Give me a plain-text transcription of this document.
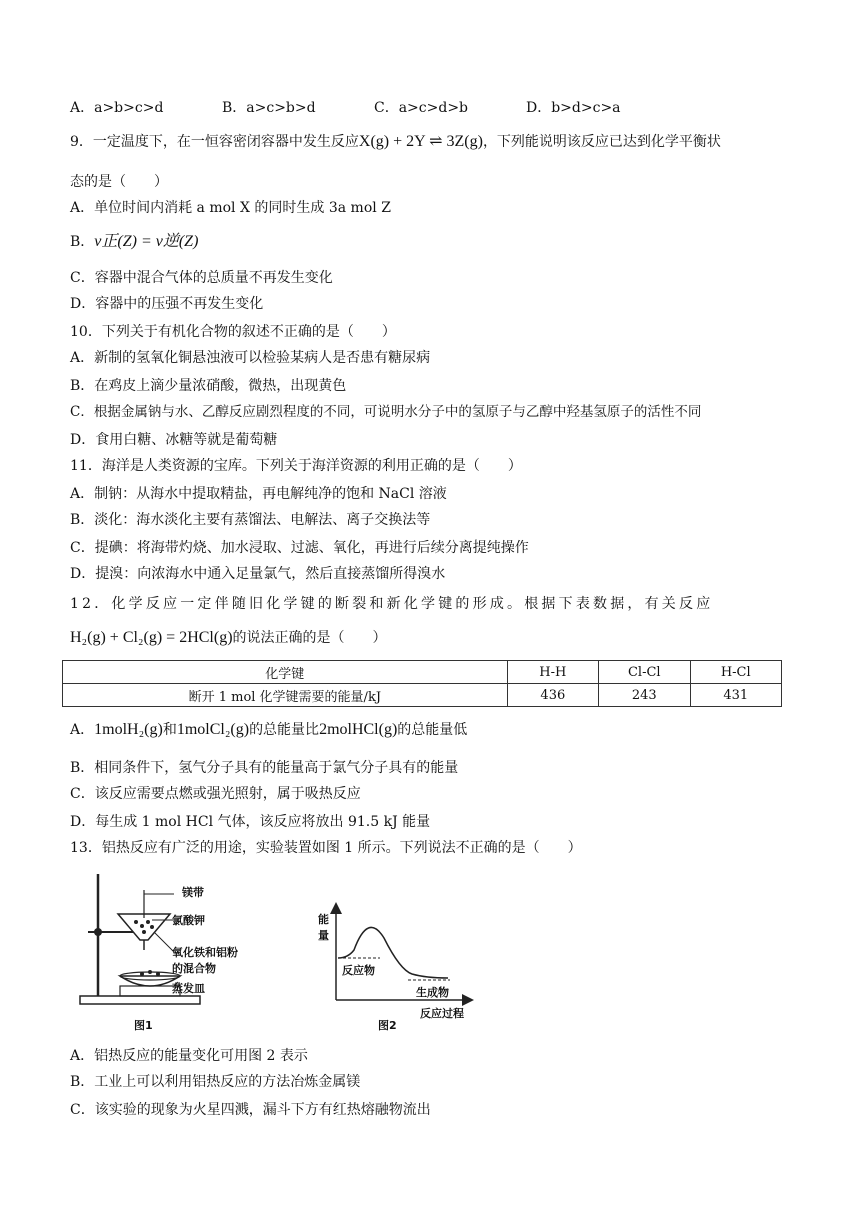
A．a>b>c>d	B．a>c>b>d	C．a>c>d>b	D．b>d>c>a
9．一定温度下，在一恒容密闭容器中发生反应X(g) + 2Y ⇌ 3Z(g)，下列能说明该反应已达到化学平衡状
态的是（　　）
A．单位时间内消耗 a mol X 的同时生成 3a mol Z
B．v正(Z) = v逆(Z)
C．容器中混合气体的总质量不再发生变化
D．容器中的压强不再发生变化
10．下列关于有机化合物的叙述不正确的是（　　）
A．新制的氢氧化铜悬浊液可以检验某病人是否患有糖尿病
B．在鸡皮上滴少量浓硝酸，微热，出现黄色
C．根据金属钠与水、乙醇反应剧烈程度的不同，可说明水分子中的氢原子与乙醇中羟基氢原子的活性不同
D．食用白糖、冰糖等就是葡萄糖
11．海洋是人类资源的宝库。下列关于海洋资源的利用正确的是（　　）
A．制钠：从海水中提取精盐，再电解纯净的饱和 NaCl 溶液
B．淡化：海水淡化主要有蒸馏法、电解法、离子交换法等
C．提碘：将海带灼烧、加水浸取、过滤、氧化，再进行后续分离提纯操作
D．提溴：向浓海水中通入足量氯气，然后直接蒸馏所得溴水
12．化学反应一定伴随旧化学键的断裂和新化学键的形成。根据下表数据，有关反应
H₂(g) + Cl₂(g) = 2HCl(g)的说法正确的是（　　）
化学键	H-H	Cl-Cl	H-Cl
断开 1 mol 化学键需要的能量/kJ	436	243	431
A．1molH₂(g)和1molCl₂(g)的总能量比2molHCl(g)的总能量低
B．相同条件下，氢气分子具有的能量高于氯气分子具有的能量
C．该反应需要点燃或强光照射，属于吸热反应
D．每生成 1 mol HCl 气体，该反应将放出 91.5 kJ 能量
13．铝热反应有广泛的用途，实验装置如图 1 所示。下列说法不正确的是（　　）
镁带
氯酸钾
氧化铁和铝粉
的混合物
蒸发皿
图1
能量
反应物
生成物
反应过程
图2
A．铝热反应的能量变化可用图 2 表示
B．工业上可以利用铝热反应的方法冶炼金属镁
C．该实验的现象为火星四溅，漏斗下方有红热熔融物流出
